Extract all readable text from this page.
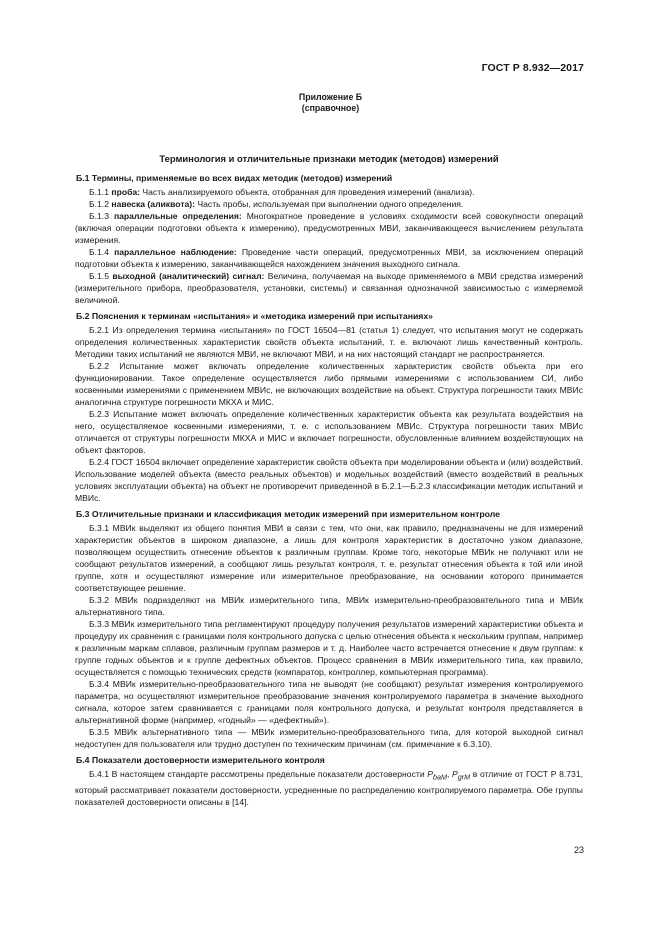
ГОСТ Р 8.932—2017
Приложение Б
(справочное)
Терминология и отличительные признаки методик (методов) измерений
Б.1 Термины, применяемые во всех видах методик (методов) измерений

Б.1.1 проба: Часть анализируемого объекта, отобранная для проведения измерений (анализа).

Б.1.2 навеска (аликвота): Часть пробы, используемая при выполнении одного определения.

Б.1.3 параллельные определения: Многократное проведение в условиях сходимости всей совокупности операций (включая операции подготовки объекта к измерению), предусмотренных МВИ, заканчивающееся вычислением результата измерения.

Б.1.4 параллельное наблюдение: Проведение части операций, предусмотренных МВИ, за исключением операций подготовки объекта к измерению, заканчивающейся нахождением значения выходного сигнала.

Б.1.5 выходной (аналитический) сигнал: Величина, получаемая на выходе применяемого в МВИ средства измерений (измерительного прибора, преобразователя, установки, системы) и связанная однозначной зависимостью с измеряемой величиной.

Б.2 Пояснения к терминам «испытания» и «методика измерений при испытаниях»

Б.2.1 Из определения термина «испытания» по ГОСТ 16504—81 (статья 1) следует, что испытания могут не содержать определения количественных характеристик свойств объекта испытаний, т. е. включают лишь качественный контроль. Методики таких испытаний не являются МВИ, не включают МВИ, и на них настоящий стандарт не распространяется.

Б.2.2 Испытание может включать определение количественных характеристик свойств объекта при его функционировании. Такое определение осуществляется либо прямыми измерениями с использованием СИ, либо косвенными измерениями с применением МВИс, не включающих воздействие на объект. Структура погрешности таких МВИс аналогична структуре погрешности МКХА и МИС.

Б.2.3 Испытание может включать определение количественных характеристик объекта как результата воздействия на него, осуществляемое косвенными измерениями, т. е. с использованием МВИс. Структура погрешности таких МВИс отличается от структуры погрешности МКХА и МИС и включает погрешности, обусловленные влиянием воздействующих на объект факторов.

Б.2.4 ГОСТ 16504 включает определение характеристик свойств объекта при моделировании объекта и (или) воздействий. Использование моделей объекта (вместо реальных объектов) и модельных воздействий (вместо воздействий в реальных условиях эксплуатации объекта) на объект не противоречит приведенной в Б.2.1—Б.2.3 классификации методик испытаний и МВИс.

Б.3 Отличительные признаки и классификация методик измерений при измерительном контроле

Б.3.1 МВИк выделяют из общего понятия МВИ в связи с тем, что они, как правило, предназначены не для измерений характеристик объектов в широком диапазоне, а лишь для контроля характеристик в достаточно узком диапазоне, позволяющем осуществить отнесение объектов к различным группам. Кроме того, некоторые МВИк не получают или не сообщают результатов измерений, а сообщают лишь результат контроля, т. е. результат отнесения объекта к той или иной группе, хотя и осуществляют измерение или измерительное преобразование, на основании которого принимается соответствующее решение.

Б.3.2 МВИк подразделяют на МВИк измерительного типа, МВИк измерительно-преобразовательного типа и МВИк альтернативного типа.

Б.3.3 МВИк измерительного типа регламентируют процедуру получения результатов измерений характеристики объекта и процедуру их сравнения с границами поля контрольного допуска с целью отнесения объекта к нескольким группам, например к различным маркам сплавов, различным группам размеров и т. д. Наиболее часто встречается отнесение к двум группам: к группе годных объектов и к группе дефектных объектов. Процесс сравнения в МВИк измерительного типа, как правило, осуществляется с помощью технических средств (компаратор, контроллер, компьютерная программа).

Б.3.4 МВИк измерительно-преобразовательного типа не выводят (не сообщают) результат измерения контролируемого параметра, но осуществляют измерительное преобразование значения контролируемого параметра в значение выходного сигнала, которое затем сравнивается с границами поля контрольного допуска, и результат контроля представляется в альтернативной форме (например, «годный» — «дефектный»).

Б.3.5 МВИк альтернативного типа — МВИк измерительно-преобразовательного типа, для которой выходной сигнал недоступен для пользователя или трудно доступен по техническим причинам (см. примечание к 6.3.10).

Б.4 Показатели достоверности измерительного контроля

Б.4.1 В настоящем стандарте рассмотрены предельные показатели достоверности $P_{baM}$, $P_{grM}$ в отличие от ГОСТ Р 8.731, который рассматривает показатели достоверности, усредненные по распределению контролируемого параметра. Обе группы показателей достоверности описаны в [14].

23
